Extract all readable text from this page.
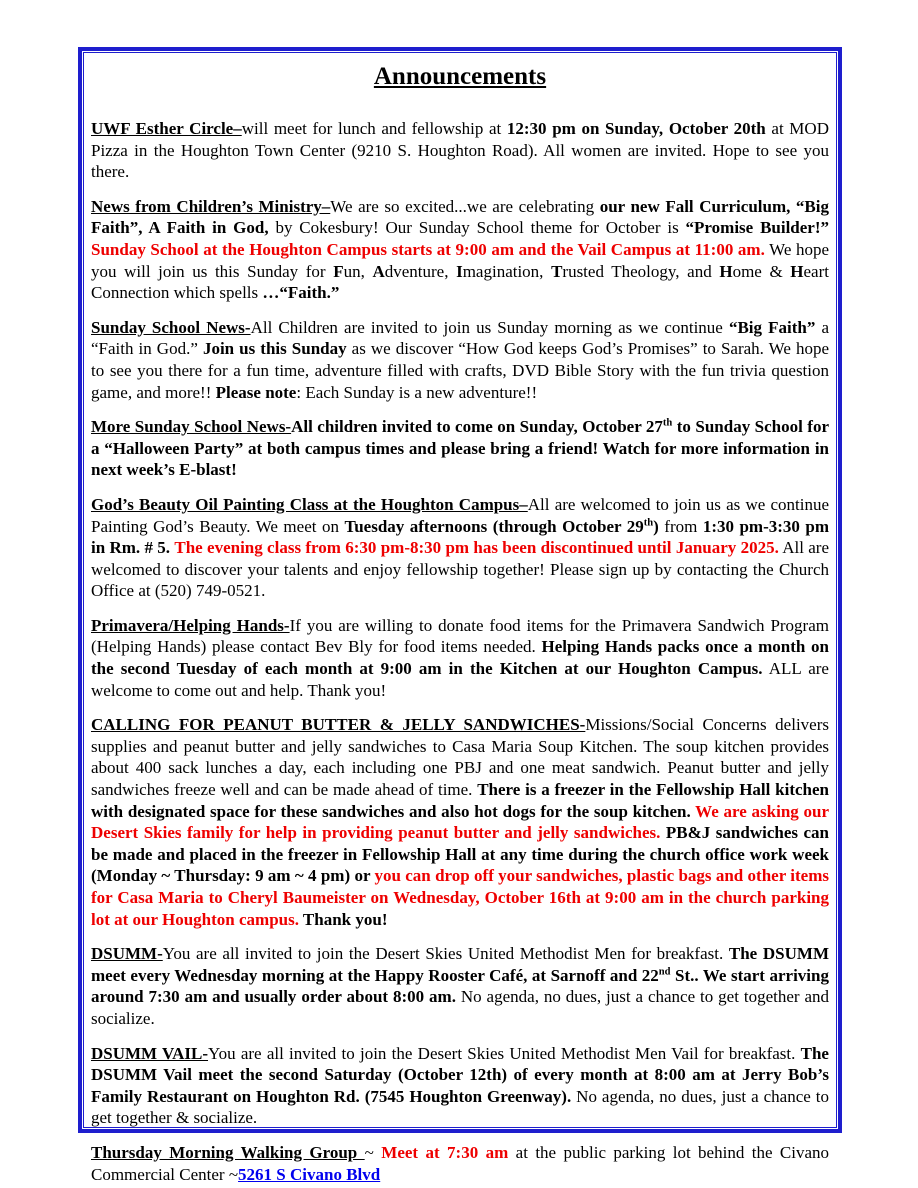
Announcements

UWF Esther Circle–will meet for lunch and fellowship at 12:30 pm on Sunday, October 20th at MOD Pizza in the Houghton Town Center (9210 S. Houghton Road). All women are invited. Hope to see you there.

News from Children’s Ministry–We are so excited...we are celebrating our new Fall Curriculum, “Big Faith”, A Faith in God, by Cokesbury! Our Sunday School theme for October is “Promise Builder!” Sunday School at the Houghton Campus starts at 9:00 am and the Vail Campus at 11:00 am. We hope you will join us this Sunday for Fun, Adventure, Imagination, Trusted Theology, and Home & Heart Connection which spells …“Faith.”

Sunday School News-All Children are invited to join us Sunday morning as we continue “Big Faith” a “Faith in God.” Join us this Sunday as we discover “How God keeps God’s Promises” to Sarah. We hope to see you there for a fun time, adventure filled with crafts, DVD Bible Story with the fun trivia question game, and more!! Please note: Each Sunday is a new adventure!!

More Sunday School News-All children invited to come on Sunday, October 27th to Sunday School for a “Halloween Party” at both campus times and please bring a friend! Watch for more information in next week’s E-blast!

God’s Beauty Oil Painting Class at the Houghton Campus–All are welcomed to join us as we continue Painting God’s Beauty. We meet on Tuesday afternoons (through October 29th) from 1:30 pm-3:30 pm in Rm. # 5. The evening class from 6:30 pm-8:30 pm has been discontinued until January 2025. All are welcomed to discover your talents and enjoy fellowship together! Please sign up by contacting the Church Office at (520) 749-0521.

Primavera/Helping Hands-If you are willing to donate food items for the Primavera Sandwich Program (Helping Hands) please contact Bev Bly for food items needed. Helping Hands packs once a month on the second Tuesday of each month at 9:00 am in the Kitchen at our Houghton Campus. ALL are welcome to come out and help. Thank you!

CALLING FOR PEANUT BUTTER & JELLY SANDWICHES-Missions/Social Concerns delivers supplies and peanut butter and jelly sandwiches to Casa Maria Soup Kitchen. The soup kitchen provides about 400 sack lunches a day, each including one PBJ and one meat sandwich. Peanut butter and jelly sandwiches freeze well and can be made ahead of time. There is a freezer in the Fellowship Hall kitchen with designated space for these sandwiches and also hot dogs for the soup kitchen. We are asking our Desert Skies family for help in providing peanut butter and jelly sandwiches. PB&J sandwiches can be made and placed in the freezer in Fellowship Hall at any time during the church office work week (Monday ~ Thursday: 9 am ~ 4 pm) or you can drop off your sandwiches, plastic bags and other items for Casa Maria to Cheryl Baumeister on Wednesday, October 16th at 9:00 am in the church parking lot at our Houghton campus. Thank you!

DSUMM-You are all invited to join the Desert Skies United Methodist Men for breakfast. The DSUMM meet every Wednesday morning at the Happy Rooster Café, at Sarnoff and 22nd St.. We start arriving around 7:30 am and usually order about 8:00 am. No agenda, no dues, just a chance to get together and socialize.

DSUMM VAIL-You are all invited to join the Desert Skies United Methodist Men Vail for breakfast. The DSUMM Vail meet the second Saturday (October 12th) of every month at 8:00 am at Jerry Bob’s Family Restaurant on Houghton Rd. (7545 Houghton Greenway). No agenda, no dues, just a chance to get together & socialize.

Thursday Morning Walking Group ~ Meet at 7:30 am at the public parking lot behind the Civano Commercial Center ~5261 S Civano Blvd
